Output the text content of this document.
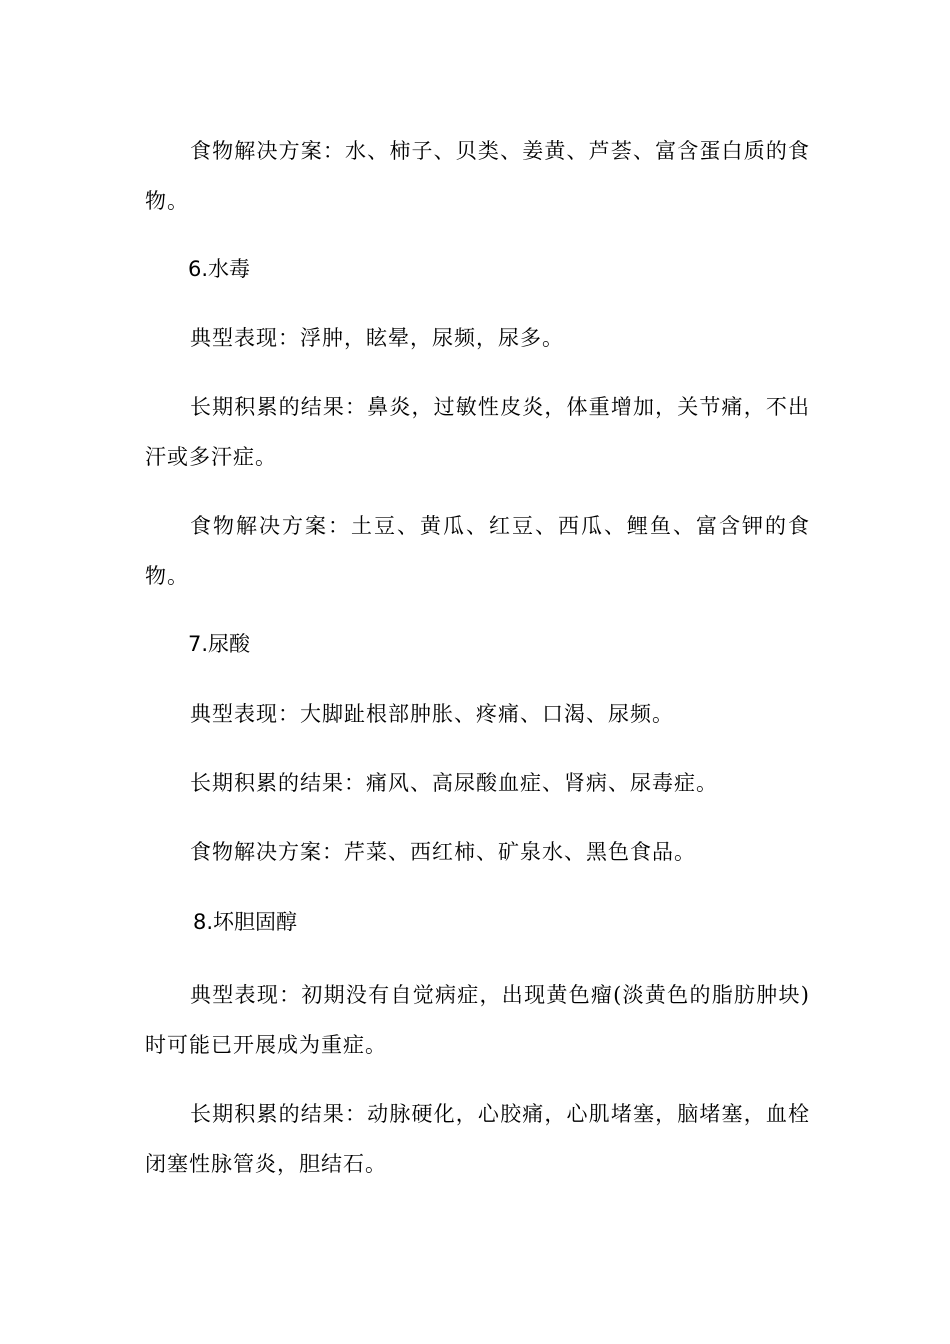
食物解决方案：水、柿子、贝类、姜黄、芦荟、富含蛋白质的食物。

6.水毒

典型表现：浮肿，眩晕，尿频，尿多。

长期积累的结果：鼻炎，过敏性皮炎，体重增加，关节痛，不出汗或多汗症。

食物解决方案：土豆、黄瓜、红豆、西瓜、鲤鱼、富含钾的食物。

7.尿酸

典型表现：大脚趾根部肿胀、疼痛、口渴、尿频。

长期积累的结果：痛风、高尿酸血症、肾病、尿毒症。

食物解决方案：芹菜、西红柿、矿泉水、黑色食品。

8.坏胆固醇

典型表现：初期没有自觉病症，出现黄色瘤(淡黄色的脂肪肿块)时可能已开展成为重症。

长期积累的结果：动脉硬化，心胶痛，心肌堵塞，脑堵塞，血栓闭塞性脉管炎，胆结石。
